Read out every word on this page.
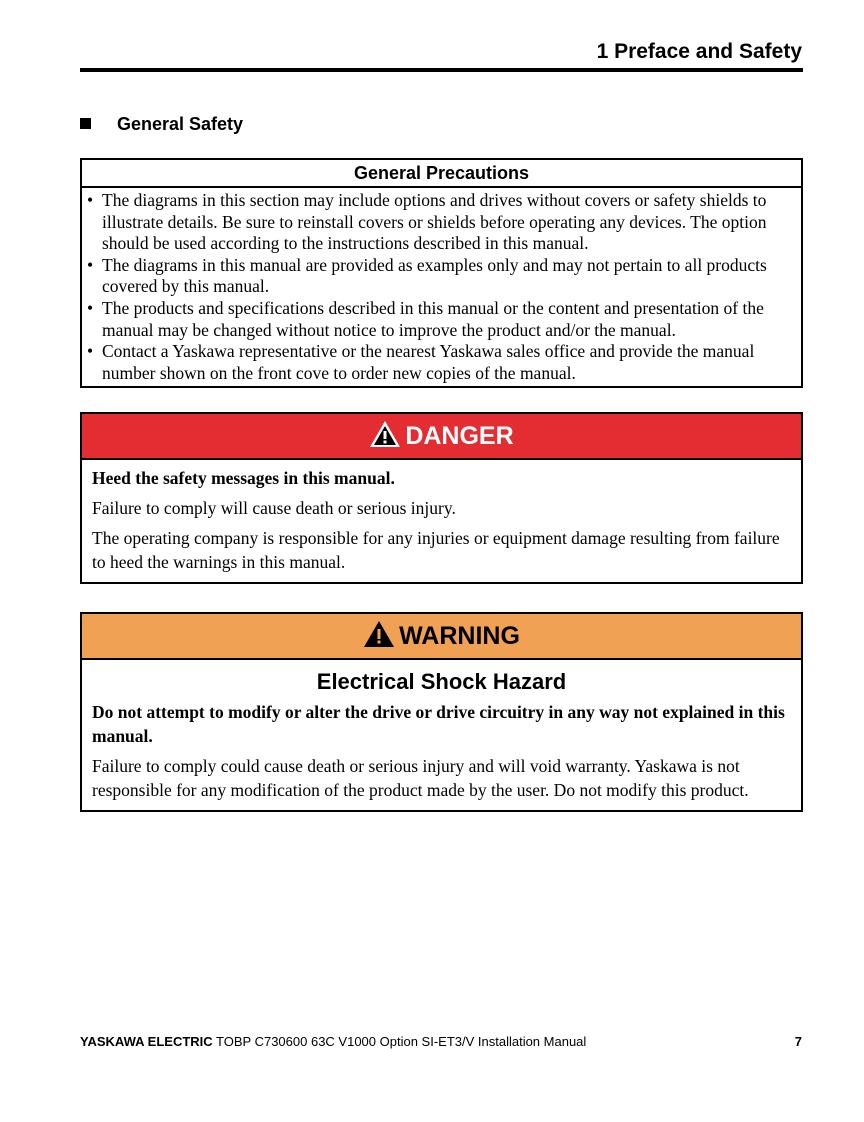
1 Preface and Safety
General Safety
General Precautions
• The diagrams in this section may include options and drives without covers or safety shields to illustrate details. Be sure to reinstall covers or shields before operating any devices. The option should be used according to the instructions described in this manual.
• The diagrams in this manual are provided as examples only and may not pertain to all products covered by this manual.
• The products and specifications described in this manual or the content and presentation of the manual may be changed without notice to improve the product and/or the manual.
• Contact a Yaskawa representative or the nearest Yaskawa sales office and provide the manual number shown on the front cove to order new copies of the manual.
DANGER

Heed the safety messages in this manual.

Failure to comply will cause death or serious injury.

The operating company is responsible for any injuries or equipment damage resulting from failure to heed the warnings in this manual.

WARNING
Electrical Shock Hazard

Do not attempt to modify or alter the drive or drive circuitry in any way not explained in this manual.

Failure to comply could cause death or serious injury and will void warranty. Yaskawa is not responsible for any modification of the product made by the user. Do not modify this product.

YASKAWA ELECTRIC TOBP C730600 63C V1000 Option SI-ET3/V Installation Manual	7
